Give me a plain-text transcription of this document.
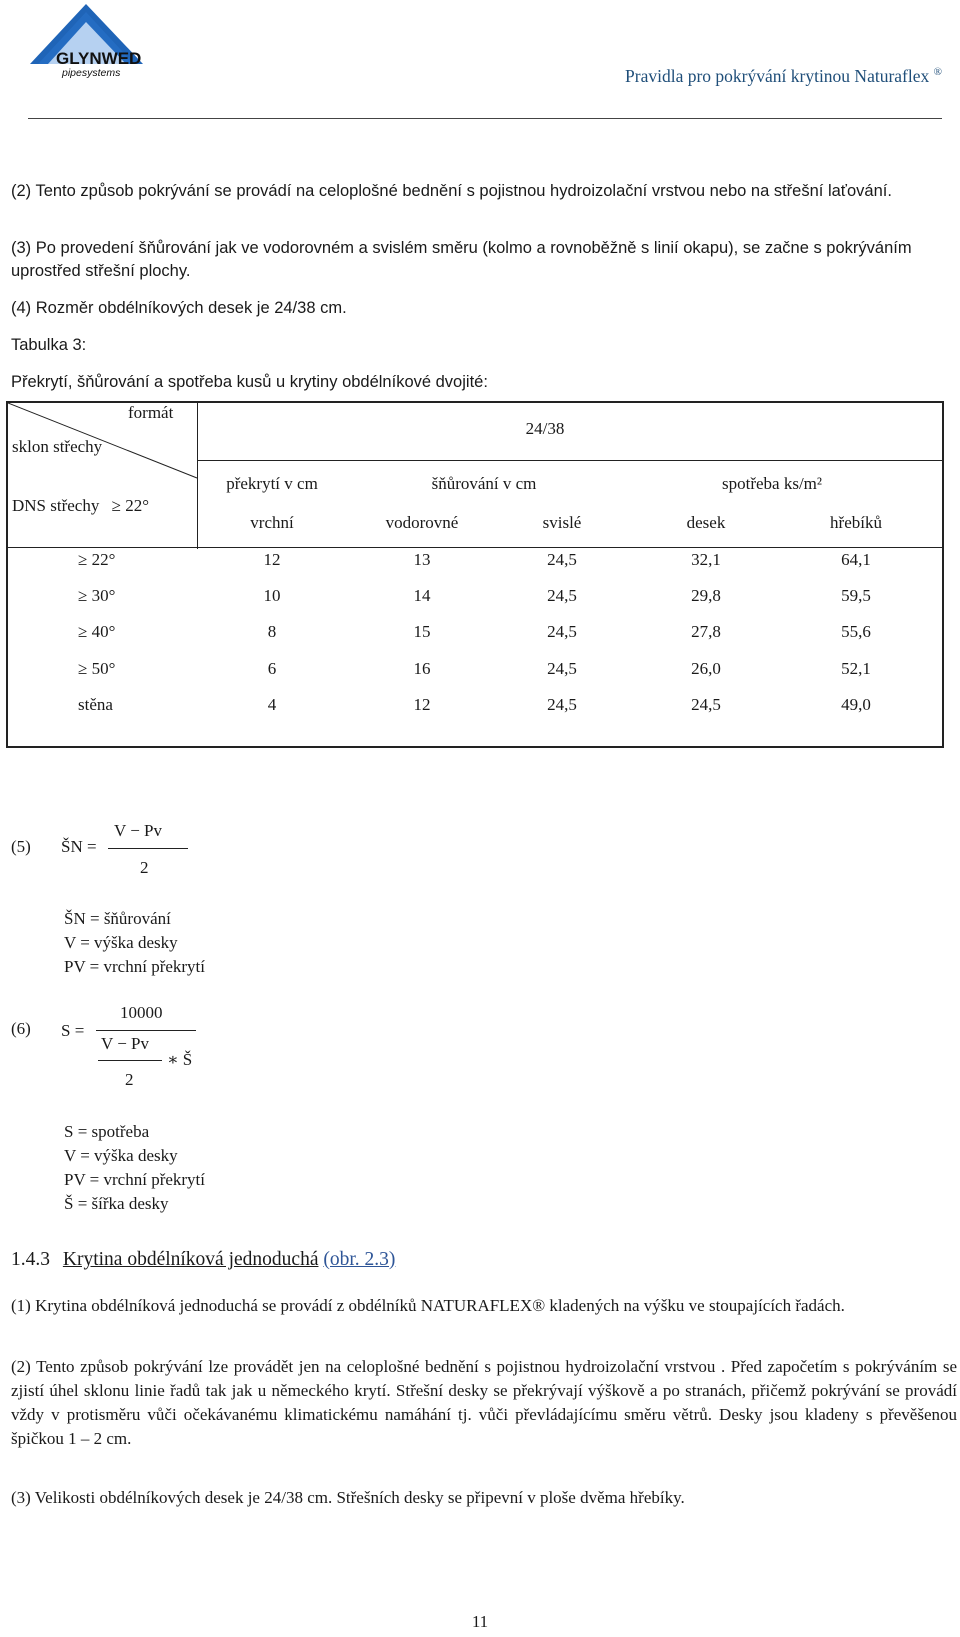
GLYNWED
pipesystems	Pravidla pro pokrývání krytinou Naturaflex ®
(2) Tento způsob pokrývání se provádí na celoplošné bednění s pojistnou hydroizolační vrstvou nebo na střešní laťování.
(3) Po provedení šňůrování jak ve vodorovném a svislém směru (kolmo a rovnoběžně s linií okapu), se začne s pokrýváním uprostřed střešní plochy.
(4) Rozměr obdélníkových desek je 24/38 cm.
Tabulka 3:
Překrytí, šňůrování a spotřeba kusů u krytiny obdélníkové dvojité:
formát
sklon střechy
24/38
DNS střechy ≥ 22°
překrytí v cm	šňůrování v cm	spotřeba ks/m²
vrchní	vodorovné	svislé	desek	hřebíků
≥ 22°	12	13	24,5	32,1	64,1
≥ 30°	10	14	24,5	29,8	59,5
≥ 40°	8	15	24,5	27,8	55,6
≥ 50°	6	16	24,5	26,0	52,1
stěna	4	12	24,5	24,5	49,0
(5) ŠN =
V − Pv
2
ŠN = šňůrování
V = výška desky
PV = vrchní překrytí
(6) S =
10000
V − Pv
2
∗ Š
S = spotřeba
V = výška desky
PV = vrchní překrytí
Š = šířka desky
1.4.3 Krytina obdélníková jednoduchá (obr. 2.3)
(1) Krytina obdélníková jednoduchá se provádí z obdélníků NATURAFLEX® kladených na výšku ve stoupajících řadách.
(2) Tento způsob pokrývání lze provádět jen na celoplošné bednění s pojistnou hydroizolační vrstvou . Před započetím s pokrýváním se zjistí úhel sklonu linie řadů tak jak u německého krytí. Střešní desky se překrývají výškově a po stranách, přičemž pokrývání se provádí vždy v protisměru vůči očekávanému klimatickému namáhání tj. vůči převládajícímu směru větrů. Desky jsou kladeny s převěšenou špičkou 1 – 2 cm.
(3) Velikosti obdélníkových desek je 24/38 cm. Střešních desky se připevní v ploše dvěma hřebíky.
11
